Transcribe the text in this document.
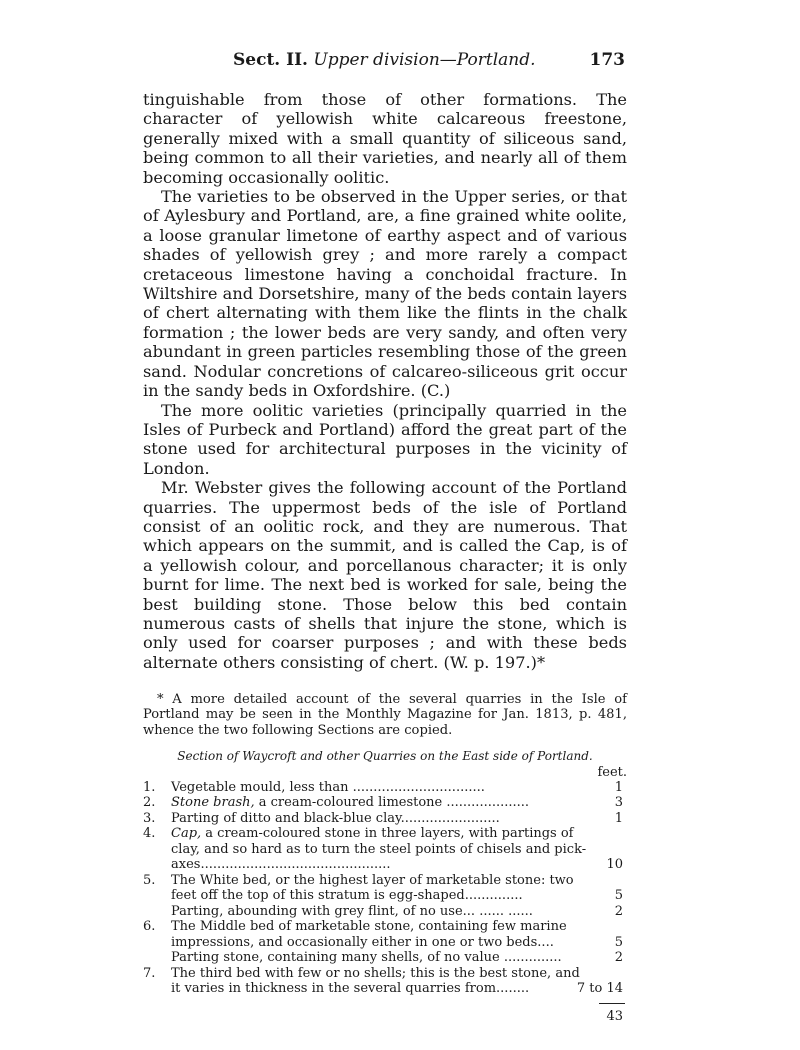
Sect. II. Upper division—Portland.	173

tinguishable from those of other formations. The character of yellowish white calcareous freestone, generally mixed with a small quantity of siliceous sand, being common to all their varieties, and nearly all of them becoming occasionally oolitic.

The varieties to be observed in the Upper series, or that of Aylesbury and Portland, are, a fine grained white oolite, a loose granular limetone of earthy aspect and of various shades of yellowish grey ; and more rarely a compact cretaceous limestone having a conchoidal fracture. In Wiltshire and Dorsetshire, many of the beds contain layers of chert alternating with them like the flints in the chalk formation ; the lower beds are very sandy, and often very abundant in green particles resembling those of the green sand. Nodular concretions of calcareo-siliceous grit occur in the sandy beds in Oxfordshire. (C.)

The more oolitic varieties (principally quarried in the Isles of Purbeck and Portland) afford the great part of the stone used for architectural purposes in the vicinity of London.

Mr. Webster gives the following account of the Portland quarries. The uppermost beds of the isle of Portland consist of an oolitic rock, and they are numerous. That which appears on the summit, and is called the Cap, is of a yellowish colour, and porcellanous character; it is only burnt for lime. The next bed is worked for sale, being the best building stone. Those below this bed contain numerous casts of shells that injure the stone, which is only used for coarser purposes ; and with these beds alternate others consisting of chert. (W. p. 197.)*

* A more detailed account of the several quarries in the Isle of Portland may be seen in the Monthly Magazine for Jan. 1813, p. 481, whence the two following Sections are copied.

Section of Waycroft and other Quarries on the East side of Portland.
feet.
1.	Vegetable mould, less than ................................	1
2.	Stone brash, a cream-coloured limestone ....................	3
3.	Parting of ditto and black-blue clay........................	1
4.	Cap, a cream-coloured stone in three layers, with partings of clay, and so hard as to turn the steel points of chisels and pick-axes..............................................	10
5.	The White bed, or the highest layer of marketable stone: two feet off the top of this stratum is egg-shaped..............	5
Parting, abounding with grey flint, of no use... ...... ......	2
6.	The Middle bed of marketable stone, containing few marine impressions, and occasionally either in one or two beds....	5
Parting stone, containing many shells, of no value ..............	2
7.	The third bed with few or no shells; this is the best stone, and it varies in thickness in the several quarries from........	7 to 14
43
